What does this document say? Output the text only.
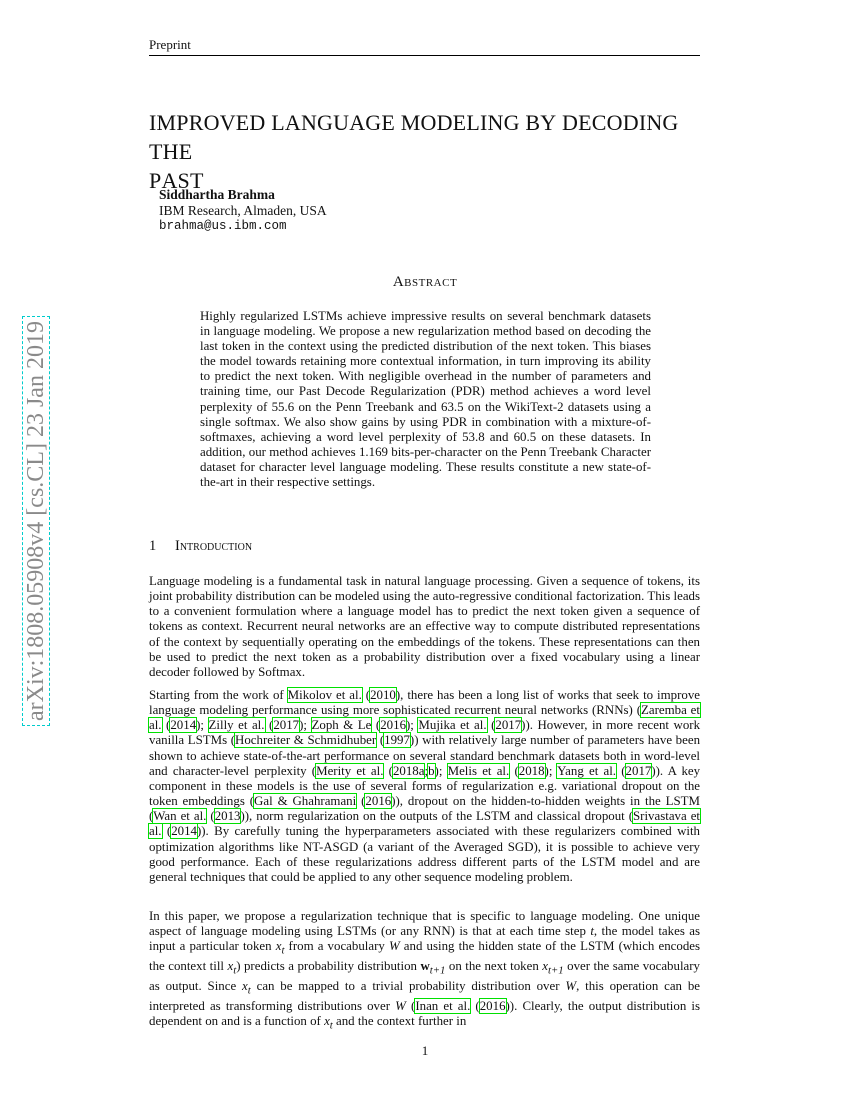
Preprint
IMPROVED LANGUAGE MODELING BY DECODING THE
PAST
Siddhartha Brahma
IBM Research, Almaden, USA
brahma@us.ibm.com
Abstract
Highly regularized LSTMs achieve impressive results on several benchmark datasets in language modeling. We propose a new regularization method based on decoding the last token in the context using the predicted distribution of the next token. This biases the model towards retaining more contextual information, in turn improving its ability to predict the next token. With negligible overhead in the number of parameters and training time, our Past Decode Regularization (PDR) method achieves a word level perplexity of 55.6 on the Penn Treebank and 63.5 on the WikiText-2 datasets using a single softmax. We also show gains by using PDR in combination with a mixture-of-softmaxes, achieving a word level perplexity of 53.8 and 60.5 on these datasets. In addition, our method achieves 1.169 bits-per-character on the Penn Treebank Character dataset for character level language modeling. These results constitute a new state-of-the-art in their respective settings.
1 Introduction
Language modeling is a fundamental task in natural language processing. Given a sequence of tokens, its joint probability distribution can be modeled using the auto-regressive conditional factorization. This leads to a convenient formulation where a language model has to predict the next token given a sequence of tokens as context. Recurrent neural networks are an effective way to compute distributed representations of the context by sequentially operating on the embeddings of the tokens. These representations can then be used to predict the next token as a probability distribution over a fixed vocabulary using a linear decoder followed by Softmax.
Starting from the work of Mikolov et al. (2010), there has been a long list of works that seek to improve language modeling performance using more sophisticated recurrent neural networks (RNNs) (Zaremba et al. (2014); Zilly et al. (2017); Zoph & Le (2016); Mujika et al. (2017)). However, in more recent work vanilla LSTMs (Hochreiter & Schmidhuber (1997)) with relatively large number of parameters have been shown to achieve state-of-the-art performance on several standard benchmark datasets both in word-level and character-level perplexity (Merity et al. (2018a;b); Melis et al. (2018); Yang et al. (2017)). A key component in these models is the use of several forms of regularization e.g. variational dropout on the token embeddings (Gal & Ghahramani (2016)), dropout on the hidden-to-hidden weights in the LSTM (Wan et al. (2013)), norm regularization on the outputs of the LSTM and classical dropout (Srivastava et al. (2014)). By carefully tuning the hyperparameters associated with these regularizers combined with optimization algorithms like NT-ASGD (a variant of the Averaged SGD), it is possible to achieve very good performance. Each of these regularizations address different parts of the LSTM model and are general techniques that could be applied to any other sequence modeling problem.
In this paper, we propose a regularization technique that is specific to language modeling. One unique aspect of language modeling using LSTMs (or any RNN) is that at each time step t, the model takes as input a particular token $x_t$ from a vocabulary W and using the hidden state of the LSTM (which encodes the context till $x_t$) predicts a probability distribution $w_{t+1}$ on the next token $x_{t+1}$ over the same vocabulary as output. Since $x_t$ can be mapped to a trivial probability distribution over W, this operation can be interpreted as transforming distributions over W (Inan et al. (2016)). Clearly, the output distribution is dependent on and is a function of $x_t$ and the context further in
1
arXiv:1808.05908v4 [cs.CL] 23 Jan 2019
